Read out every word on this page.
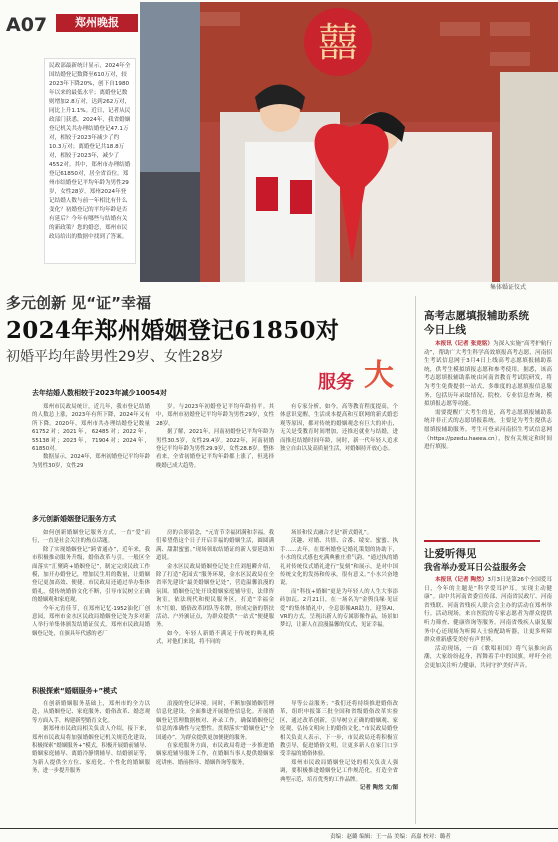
A07	郑州晚报	囍
集体婚证仪式
民政部最新统计显示，2024年全国结婚登记数降至610万对，较2023年下降20%，创下自1980年以来的最低水平；离婚登记数则增加2.8万对，达到262万对，同比上升1.1%。近日，记者从民政部门获悉，2024年，我省婚姻登记机关共办理结婚登记47.1万对，相较于2023年减少了约10.3万对；离婚登记共18.8万对，相较于2023年，减少了4552对。其中，郑州市办理结婚登记61850对，居全省首位。郑州市结婚登记平均年龄为男性29岁，女性28岁。郑州2024年登记结婚人数与前一年相比有什么变化？初婚登记的平均年龄是否有延后？今年有哪些与结婚有关的新政策？您的婚恋，郑州市民政局给出的数据中找到了答案。
多元创新 见“证”幸福
2024年郑州婚姻登记61850对
初婚平均年龄男性29岁、女性28岁
服务 大
去年结婚人数相较于2023年减少10054对

郑州市民政局统计，近几年，我市登记结婚的人数总上涨，2023年有所下降，2024年又有所下降。2020年，郑州市共办理结婚登记数量61752对；2021年，62485对；2022年，55138对；2023年，71904对；2024年，61850对。

数据显示，2024年，郑州初婚登记平均年龄为男性30岁，女性29

岁。与2023年初婚登记平均年龄持平。其中，郑州市初婚登记平均年龄为男性29岁，女性28岁。

据了解，2021年，河南初婚登记平均年龄为男性30.5岁，女性29.4岁。2022年，河南初婚登记平均年龄为男性29.9岁，女性28.8岁。整体看来，全省初婚登记平均年龄都上涨了，但选择晚婚已成大趋势。

有专家分析，如今，高等教育程度提高，个体意识觉醒，生活成本提高和互联网的新式婚恋观等原因，都对传统的婚姻观念有巨大的冲击，无关是受教育时间增加，还推迟就业与结婚，进而推迟结婚时间年龄，同时，新一代年轻人追求独立自由以及高质量生活，对婚姻持开放心态。

多元创新婚姻登记服务方式

如何创新婚姻登记服务方式，一直“爱”而行，一直是社会关注的热点话题。

除了实现婚姻登记“跨省通办”，近年来，我市积极推动服务升级，婚俗改革与引，一般区全面落实“汇聚跨+婚姻登记”，制定完成民政工作模，加开办婚登记，增加民生用的数量，让婚姻登记更加高效、便捷。市民政局还通过举办集体婚礼，使传统婚俗文化不断，引导市民树立正确的婚姻观和家庭观。

今年元宵佳节，在郑州记忆·1952油化厂创意园，郑州市金水区民政局婚姻登记处为多对新人举行单集体颁发结婚证仪式，郑州市民政局婚姻登记处，在颁具年代感的老厂

房的合影留念，“元宵节幸福团满和幸福，我们希望借这个日子开启幸福的婚姻生活，圆圆满满、甜甜蜜蜜。”现场领取结婚证的新人要延助知道说。

金水区民政局婚姻登记处主任刘旭瞬介绍，除了打造“花园式”服务环境，金水区民政局在全省率先建设“最美婚姻登记处”，营造温馨浪漫的氛围。婚姻登记处开设婚姻家庭辅导室，法律咨询室，依法现代和便民服务区，打造“幸福金水”红娘、婚俗改革团队等名牌，形成完备的帮扶活动、户外颁证点，为群众提供“一站式”便捷服务。

如今，年轻人新婚不满足于传统的典礼模式，对他们来说，将不同的

场景和仪式融合才是“新式婚礼”。

沃趣、对婚、共情、合番、绫安、蜜蜜、执手……去年，在郑州婚登记婚礼策划的协助下，小水的仪式感也充满典雅庄重气韵。“通过执的婚礼对传统仪式婚礼进行“复刻”和展示，是对中国传统文化的发扬和传承，很有意义。”小水兴奋地说。

而“科技+婚姻”更是为年轻人的人生大事添砖加瓦。2月21日，在一场名为“金舆良缘·见证爱”的集体婚礼中，全息影像AR助力，迎签AI、VR的方式，呈现出新人的专属影像作品，场景如梦幻，让新人在浪漫温馨的仪式，见证幸福。

积极探索“婚姻服务+”模式

在创新婚姻服务基础上，郑州市的全力以赴，从婚姻登记、家庭服务、婚俗改革、婚恋观等方面入手，构建新型婚育文化。

据郑州市民政局相关负责人介绍，接下来，郑州市民政局将加强婚姻登记机关规范化建设，积极探索“婚姻服务+”模式，积极开展婚前辅导、婚姻家庭辅导、离婚冷静期辅导、结婚颁证等，为新人提供全方位、家庭化、个性化的婚姻服务，进一步提升服务

浪漫的登记环境。同时，不断加强婚姻管理信息化建设，全面推进开展婚登信息化。开展婚姻登记管理数据核对、补录工作，确保婚姻登记信息的准确性与完整性。贯彻落实“婚姻登记”全国通办”，为群众提供更加便捷的服务。

在家庭服务方面，市民政局将进一步推进婚姻家庭辅导服务工作，在婚姻当事人提供婚姻家庭讲座、婚前指导、婚姻咨询等服务，

导等公益服务；“我们还将持续推进婚俗改革，组织申报第三批全国和省级婚俗改革实验区，通过改革创新，引导树立正确的婚姻观、家庭观，弘扬文明向上的婚俗文化。”市民政局婚登相关负责人表示，下一步，市民政局还将积极宣教引导，促进婚俗文明，让更多新人在家门口享受幸福的婚俗体验。

郑州市民政局婚姻登记处的相关负责人强调，要积极推进婚姻登记工作规范化，打造全省典型示范，培育优秀的工作品牌。

记者 陶然 文/图

高考志愿填报辅助系统
今日上线

本报讯（记者 张竞铭）为深入实施“高考护航行动”，帮助广大考生科学高效填报高考志愿，河南招生考试信息网于3月4日上线高考志愿填报辅助系统，供考生模拟填报志愿和参考使用。据悉，该高考志愿填报辅助系统由河南省教育考试院研发，将为考生免费提供一站式、多维度的志愿填报信息服务，包括历年录取情况、院校、专业信息查询，模拟填报志愿等功能。

需要提醒广大考生的是，高考志愿填报辅助系统并非正式的志愿填报系统，主要是为考生提供志愿填报辅助服务。考生可登录河南招生考试信息网（https://pzedu.haeea.cn），按有关规定和时间进行填报。

让爱听得见
我省举办爱耳日公益服务会

本报讯（记者 陶然）3月3日是第26个全国爱耳日，今年的主题是“科学爱耳护耳，实现主动健康”。由中共河南省委宣传部、河南省民政厅、河南省残联、河南省残疾人联合会主办的活动在郑州举行。活动现场，来自医院的专家志愿者为群众提供听力筛查、健康咨询等服务。河南省残疾人康复服务中心还现场为听障人士验配助听器，让更多听障群众重新感受美好有声世界。

活动现场，一首《歌唱祖国》将气氛推向高潮，大家纷纷起身，挥舞着手中的国旗，呼吁全社会更加关注听力健康，共同守护美好声音。

责编：赵璐 编辑：王一品 美编：高嘉 校对：璐者
